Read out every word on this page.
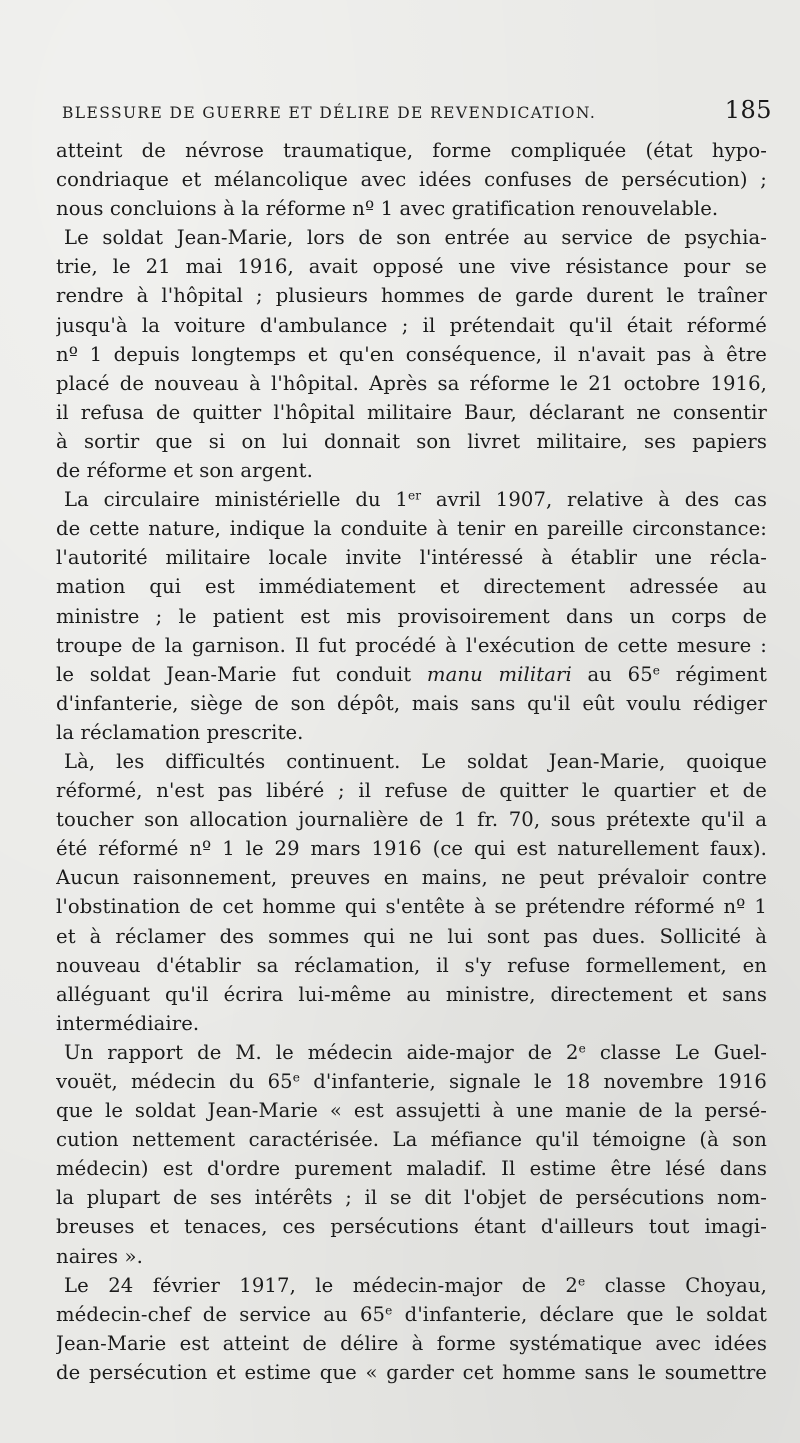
BLESSURE DE GUERRE ET DÉLIRE DE REVENDICATION.	185
atteint de névrose traumatique, forme compliquée (état hypo-
condriaque et mélancolique avec idées confuses de persécution) ;
nous concluions à la réforme nº 1 avec gratification renouvelable.
Le soldat Jean-Marie, lors de son entrée au service de psychia-
trie, le 21 mai 1916, avait opposé une vive résistance pour se
rendre à l'hôpital ; plusieurs hommes de garde durent le traîner
jusqu'à la voiture d'ambulance ; il prétendait qu'il était réformé
nº 1 depuis longtemps et qu'en conséquence, il n'avait pas à être
placé de nouveau à l'hôpital. Après sa réforme le 21 octobre 1916,
il refusa de quitter l'hôpital militaire Baur, déclarant ne consentir
à sortir que si on lui donnait son livret militaire, ses papiers
de réforme et son argent.
La circulaire ministérielle du 1er avril 1907, relative à des cas
de cette nature, indique la conduite à tenir en pareille circonstance:
l'autorité militaire locale invite l'intéressé à établir une récla-
mation qui est immédiatement et directement adressée au
ministre ; le patient est mis provisoirement dans un corps de
troupe de la garnison. Il fut procédé à l'exécution de cette mesure :
le soldat Jean-Marie fut conduit manu militari au 65e régiment
d'infanterie, siège de son dépôt, mais sans qu'il eût voulu rédiger
la réclamation prescrite.
Là, les difficultés continuent. Le soldat Jean-Marie, quoique
réformé, n'est pas libéré ; il refuse de quitter le quartier et de
toucher son allocation journalière de 1 fr. 70, sous prétexte qu'il a
été réformé nº 1 le 29 mars 1916 (ce qui est naturellement faux).
Aucun raisonnement, preuves en mains, ne peut prévaloir contre
l'obstination de cet homme qui s'entête à se prétendre réformé nº 1
et à réclamer des sommes qui ne lui sont pas dues. Sollicité à
nouveau d'établir sa réclamation, il s'y refuse formellement, en
alléguant qu'il écrira lui-même au ministre, directement et sans
intermédiaire.
Un rapport de M. le médecin aide-major de 2e classe Le Guel-
vouët, médecin du 65e d'infanterie, signale le 18 novembre 1916
que le soldat Jean-Marie « est assujetti à une manie de la persé-
cution nettement caractérisée. La méfiance qu'il témoigne (à son
médecin) est d'ordre purement maladif. Il estime être lésé dans
la plupart de ses intérêts ; il se dit l'objet de persécutions nom-
breuses et tenaces, ces persécutions étant d'ailleurs tout imagi-
naires ».
Le 24 février 1917, le médecin-major de 2e classe Choyau,
médecin-chef de service au 65e d'infanterie, déclare que le soldat
Jean-Marie est atteint de délire à forme systématique avec idées
de persécution et estime que « garder cet homme sans le soumettre
